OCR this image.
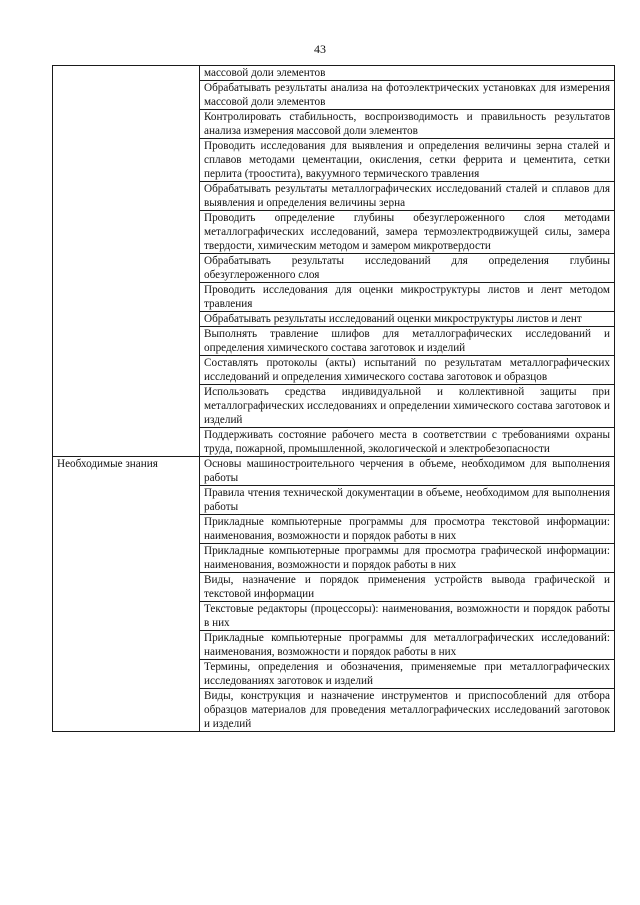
43
	массовой доли элементов
	Обрабатывать результаты анализа на фотоэлектрических установках для измерения массовой доли элементов
	Контролировать стабильность, воспроизводимость и правильность результатов анализа измерения массовой доли элементов
	Проводить исследования для выявления и определения величины зерна сталей и сплавов методами цементации, окисления, сетки феррита и цементита, сетки перлита (троостита), вакуумного термического травления
	Обрабатывать результаты металлографических исследований сталей и сплавов для выявления и определения величины зерна
	Проводить определение глубины обезуглероженного слоя методами металлографических исследований, замера термоэлектродвижущей силы, замера твердости, химическим методом и замером микротвердости
	Обрабатывать результаты исследований для определения глубины обезуглероженного слоя
	Проводить исследования для оценки микроструктуры листов и лент методом травления
	Обрабатывать результаты исследований оценки микроструктуры листов и лент
	Выполнять травление шлифов для металлографических исследований и определения химического состава заготовок и изделий
	Составлять протоколы (акты) испытаний по результатам металлографических исследований и определения химического состава заготовок и образцов
	Использовать средства индивидуальной и коллективной защиты при металлографических исследованиях и определении химического состава заготовок и изделий
	Поддерживать состояние рабочего места в соответствии с требованиями охраны труда, пожарной, промышленной, экологической и электробезопасности

Необходимые знания	Основы машиностроительного черчения в объеме, необходимом для выполнения работы
	Правила чтения технической документации в объеме, необходимом для выполнения работы
	Прикладные компьютерные программы для просмотра текстовой информации: наименования, возможности и порядок работы в них
	Прикладные компьютерные программы для просмотра графической информации: наименования, возможности и порядок работы в них
	Виды, назначение и порядок применения устройств вывода графической и текстовой информации
	Текстовые редакторы (процессоры): наименования, возможности и порядок работы в них
	Прикладные компьютерные программы для металлографических исследований: наименования, возможности и порядок работы в них
	Термины, определения и обозначения, применяемые при металлографических исследованиях заготовок и изделий
	Виды, конструкция и назначение инструментов и приспособлений для отбора образцов материалов для проведения металлографических исследований заготовок и изделий
